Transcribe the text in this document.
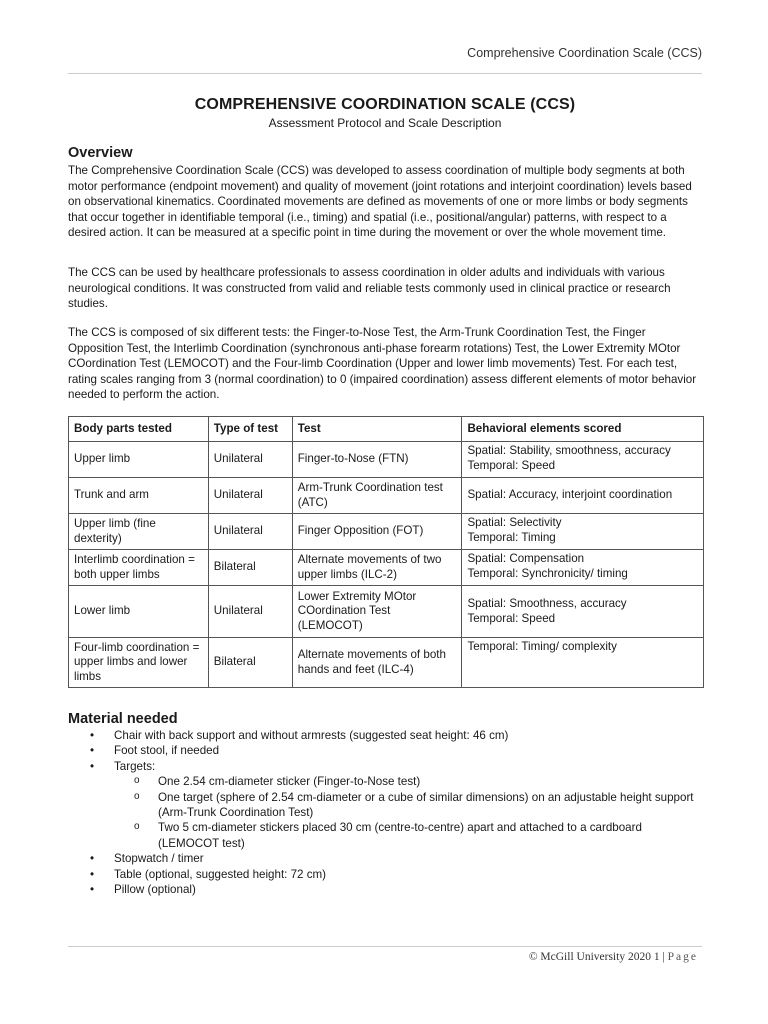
Comprehensive Coordination Scale (CCS)
COMPREHENSIVE COORDINATION SCALE (CCS)
Assessment Protocol and Scale Description
Overview

The Comprehensive Coordination Scale (CCS) was developed to assess coordination of multiple body segments at both motor performance (endpoint movement) and quality of movement (joint rotations and interjoint coordination) levels based on observational kinematics. Coordinated movements are defined as movements of one or more limbs or body segments that occur together in identifiable temporal (i.e., timing) and spatial (i.e., positional/angular) patterns, with respect to a desired action. It can be measured at a specific point in time during the movement or over the whole movement time.

The CCS can be used by healthcare professionals to assess coordination in older adults and individuals with various neurological conditions. It was constructed from valid and reliable tests commonly used in clinical practice or research studies.

The CCS is composed of six different tests: the Finger-to-Nose Test, the Arm-Trunk Coordination Test, the Finger Opposition Test, the Interlimb Coordination (synchronous anti-phase forearm rotations) Test, the Lower Extremity MOtor COordination Test (LEMOCOT) and the Four-limb Coordination (Upper and lower limb movements) Test. For each test, rating scales ranging from 3 (normal coordination) to 0 (impaired coordination) assess different elements of motor behavior needed to perform the action.

Body parts tested	Type of test	Test	Behavioral elements scored
Upper limb	Unilateral	Finger-to-Nose (FTN)	Spatial: Stability, smoothness, accuracy
Temporal: Speed

Trunk and arm	Unilateral	Arm-Trunk Coordination test (ATC)	Spatial: Accuracy, interjoint coordination

Upper limb (fine dexterity)	Unilateral	Finger Opposition (FOT)	Spatial: Selectivity
Temporal: Timing

Interlimb coordination = both upper limbs	Bilateral	Alternate movements of two upper limbs (ILC-2)	Spatial: Compensation
Temporal: Synchronicity/ timing

Lower limb	Unilateral	Lower Extremity MOtor COordination Test (LEMOCOT)	Spatial: Smoothness, accuracy
Temporal: Speed

Four-limb coordination = upper limbs and lower limbs	Bilateral	Alternate movements of both hands and feet (ILC-4)	Temporal: Timing/ complexity
Material needed
• Chair with back support and without armrests (suggested seat height: 46 cm)
• Foot stool, if needed
• Targets:
o One 2.54 cm-diameter sticker (Finger-to-Nose test)
o One target (sphere of 2.54 cm-diameter or a cube of similar dimensions) on an adjustable height support (Arm-Trunk Coordination Test)
o Two 5 cm-diameter stickers placed 30 cm (centre-to-centre) apart and attached to a cardboard (LEMOCOT test)
• Stopwatch / timer
• Table (optional, suggested height: 72 cm)
• Pillow (optional)
© McGill University 2020 1 | Page
